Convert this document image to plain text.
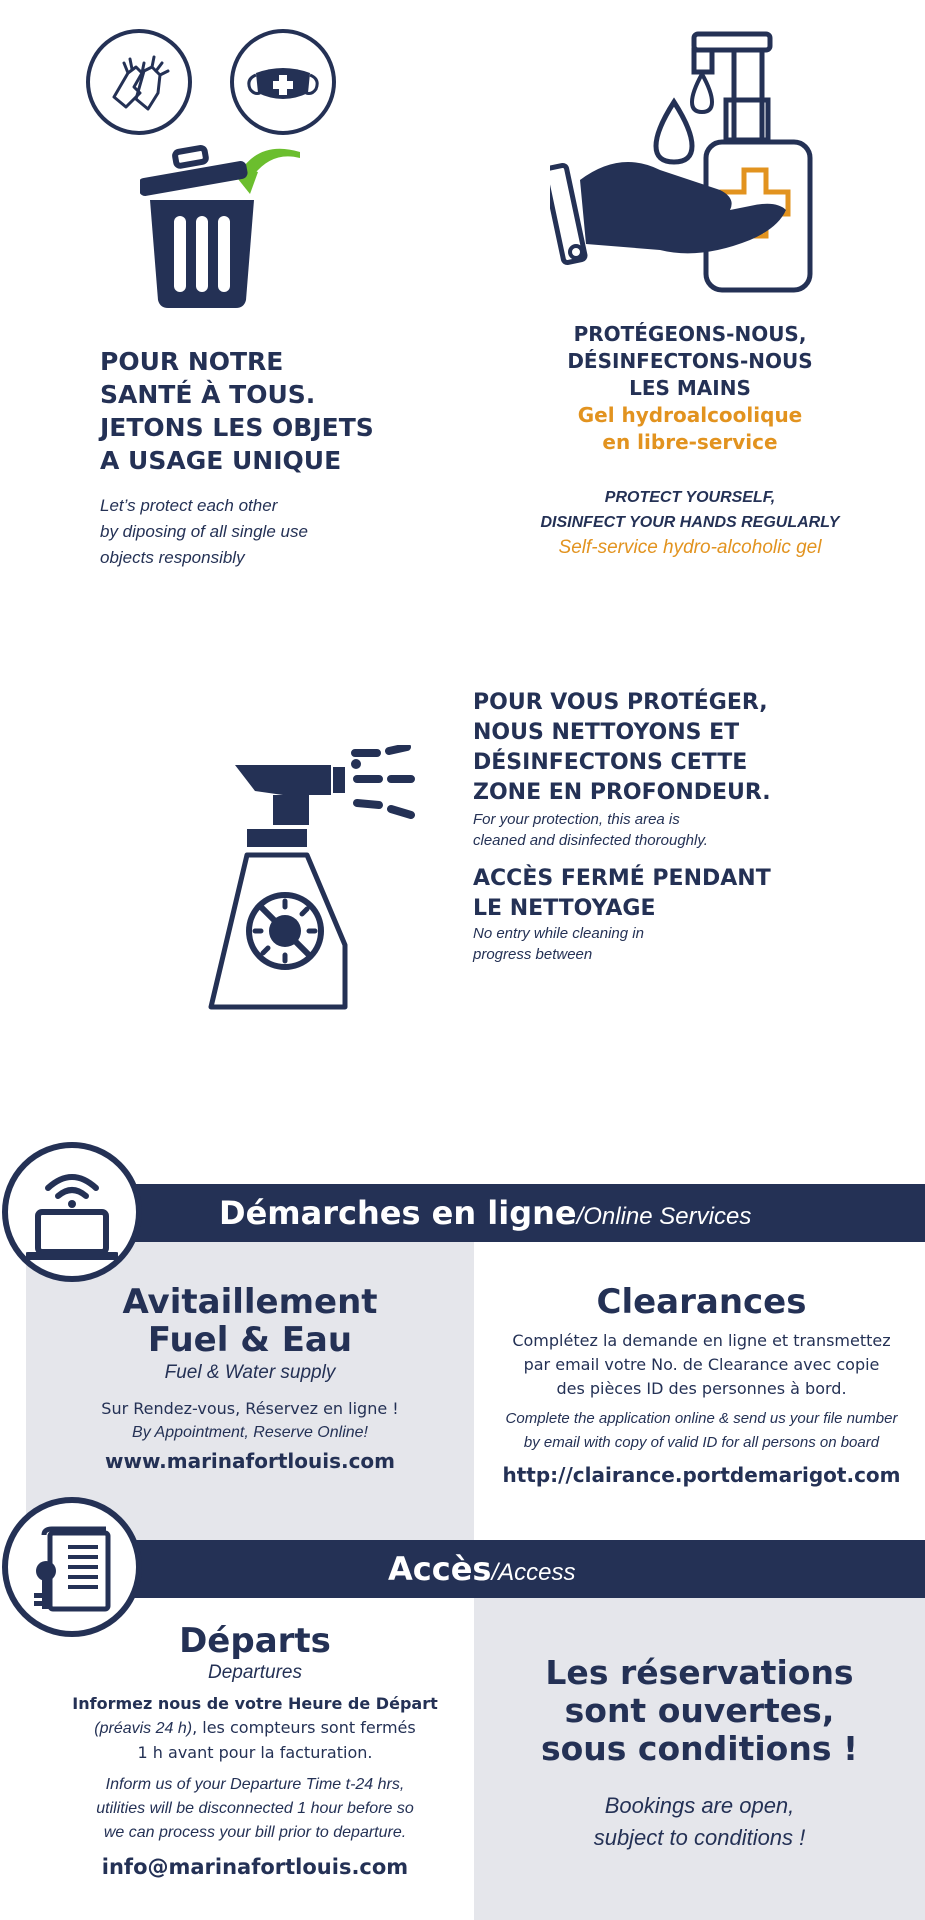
POUR NOTRE
SANTÉ À TOUS.
JETONS LES OBJETS
A USAGE UNIQUE
Let’s protect each other
by diposing of all single use
objects responsibly
PROTÉGEONS-NOUS,
DÉSINFECTONS-NOUS
LES MAINS
Gel hydroalcoolique
en libre-service
PROTECT YOURSELF,
DISINFECT YOUR HANDS REGULARLY
Self-service hydro-alcoholic gel
POUR VOUS PROTÉGER,
NOUS NETTOYONS ET
DÉSINFECTONS CETTE
ZONE EN PROFONDEUR.
For your protection, this area is
cleaned and disinfected thoroughly.
ACCÈS FERMÉ PENDANT
LE NETTOYAGE
No entry while cleaning in
progress between
Démarches en ligne/Online Services
Avitaillement
Fuel & Eau
Fuel & Water supply
Sur Rendez-vous, Réservez en ligne !
By Appointment, Reserve Online!
www.marinafortlouis.com
Clearances
Complétez la demande en ligne et transmettez
par email votre No. de Clearance avec copie
des pièces ID des personnes à bord.
Complete the application online & send us your file number
by email with copy of valid ID for all persons on board
http://clairance.portdemarigot.com
Accès/Access
Départs
Departures
Informez nous de votre Heure de Départ
(préavis 24 h), les compteurs sont fermés
1 h avant pour la facturation.
Inform us of your Departure Time t-24 hrs,
utilities will be disconnected 1 hour before so
we can process your bill prior to departure.
info@marinafortlouis.com
Les réservations
sont ouvertes,
sous conditions !
Bookings are open,
subject to conditions !
